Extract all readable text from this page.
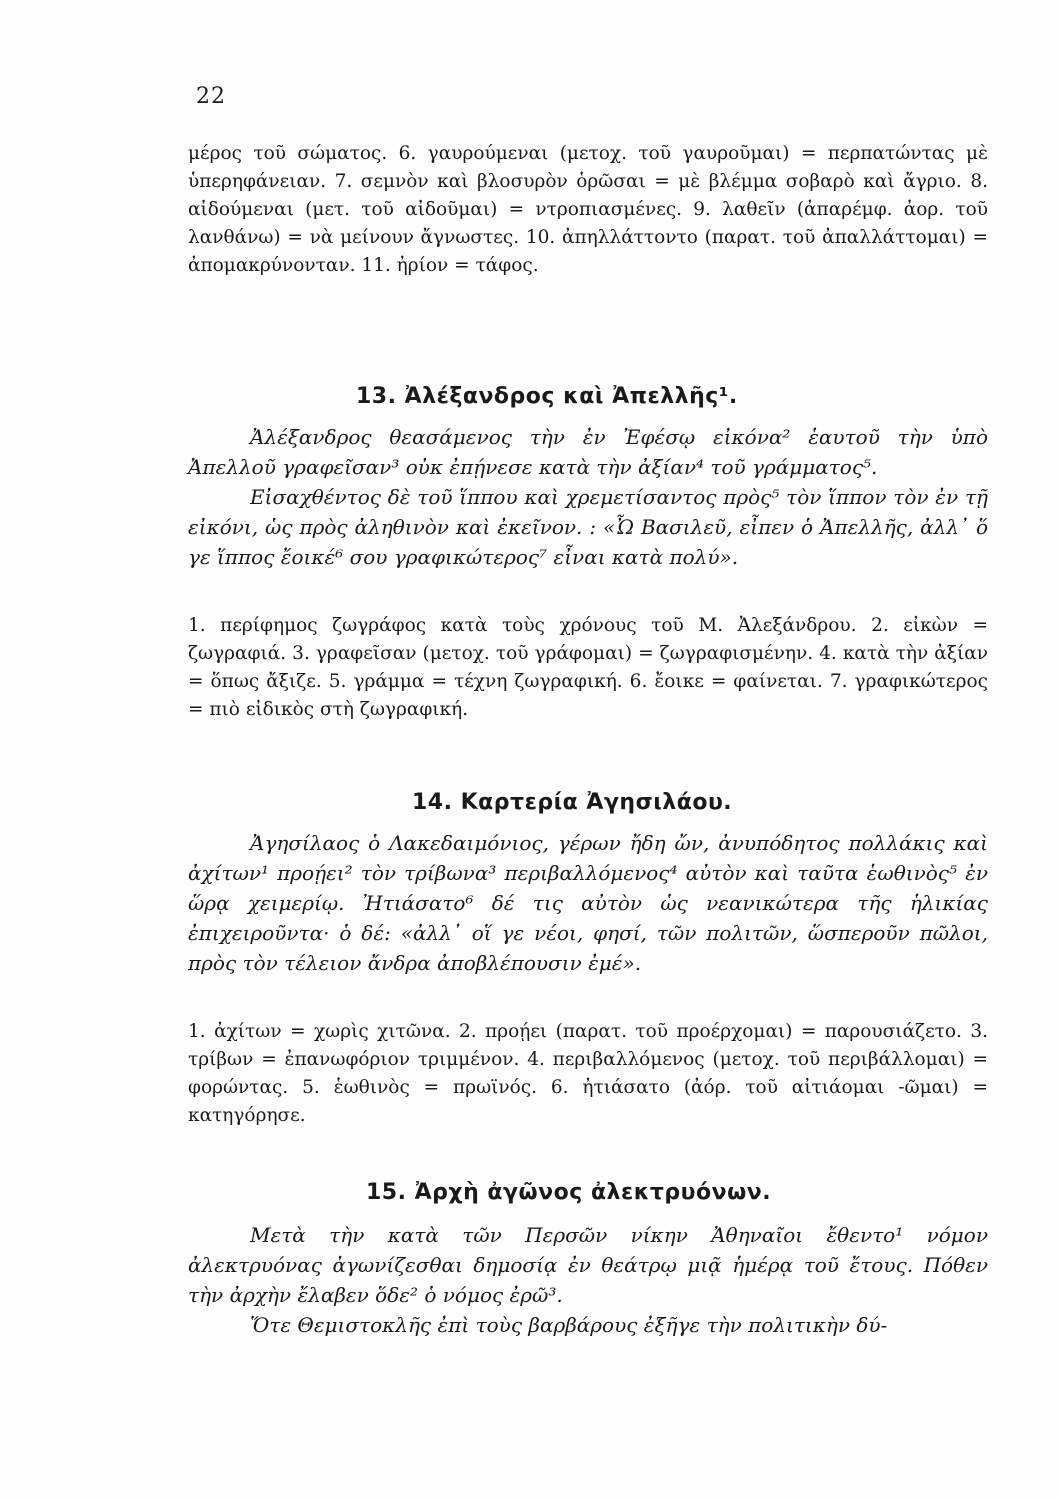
22

μέρος τοῦ σώματος. 6. γαυρούμεναι (μετοχ. τοῦ γαυροῦμαι) = περπατώντας μὲ ὑπερηφάνειαν. 7. σεμνὸν καὶ βλοσυρὸν ὁρῶσαι = μὲ βλέμμα σοβαρὸ καὶ ἄγριο. 8. αἰδούμεναι (μετ. τοῦ αἰδοῦμαι) = ντροπιασμένες. 9. λαθεῖν (ἀπαρέμφ. ἀορ. τοῦ λανθάνω) = νὰ μείνουν ἄγνωστες. 10. ἀπηλλάττοντο (παρατ. τοῦ ἀπαλλάττομαι) = ἀπομακρύνονταν. 11. ἠρίον = τάφος.

13. Ἀλέξανδρος καὶ Ἀπελλῆς¹.

Ἀλέξανδρος θεασάμενος τὴν ἐν Ἐφέσῳ εἰκόνα² ἑαυτοῦ τὴν ὑπὸ Ἀπελλοῦ γραφεῖσαν³ οὐκ ἐπῄνεσε κατὰ τὴν ἀξίαν⁴ τοῦ γράμματος⁵.

Εἰσαχθέντος δὲ τοῦ ἵππου καὶ χρεμετίσαντος πρὸς⁵ τὸν ἵππον τὸν ἐν τῇ εἰκόνι, ὡς πρὸς ἀληθινὸν καὶ ἐκεῖνον. : «Ὦ Βασιλεῦ, εἶπεν ὁ Ἀπελλῆς, ἀλλ᾽ ὅ γε ἵππος ἔοικέ⁶ σου γραφικώτερος⁷ εἶναι κατὰ πολύ».

1. περίφημος ζωγράφος κατὰ τοὺς χρόνους τοῦ Μ. Ἀλεξάνδρου. 2. εἰκὼν = ζωγραφιά. 3. γραφεῖσαν (μετοχ. τοῦ γράφομαι) = ζωγραφισμένην. 4. κατὰ τὴν ἀξίαν = ὅπως ἄξιζε. 5. γράμμα = τέχνη ζωγραφική. 6. ἔοικε = φαίνεται. 7. γραφικώτερος = πιὸ εἰδικὸς στὴ ζωγραφική.

14. Καρτερία Ἀγησιλάου.

Ἀγησίλαος ὁ Λακεδαιμόνιος, γέρων ἤδη ὤν, ἀνυπόδητος πολλάκις καὶ ἀχίτων¹ προῄει² τὸν τρίβωνα³ περιβαλλόμενος⁴ αὐτὸν καὶ ταῦτα ἑωθινὸς⁵ ἐν ὥρᾳ χειμερίῳ. Ἠτιάσατο⁶ δέ τις αὐτὸν ὡς νεανικώτερα τῆς ἡλικίας ἐπιχειροῦντα· ὁ δέ: «ἀλλ᾽ οἵ γε νέοι, φησί, τῶν πολιτῶν, ὥσπεροῦν πῶλοι, πρὸς τὸν τέλειον ἄνδρα ἀποβλέπουσιν ἐμέ».

1. ἀχίτων = χωρὶς χιτῶνα. 2. προῄει (παρατ. τοῦ προέρχομαι) = παρουσιάζετο. 3. τρίβων = ἐπανωφόριον τριμμένον. 4. περιβαλλόμενος (μετοχ. τοῦ περιβάλλομαι) = φορώντας. 5. ἑωθινὸς = πρωϊνός. 6. ἠτιάσατο (ἀόρ. τοῦ αἰτιάομαι -ῶμαι) = κατηγόρησε.

15. Ἀρχὴ ἀγῶνος ἀλεκτρυόνων.

Μετὰ τὴν κατὰ τῶν Περσῶν νίκην Ἀθηναῖοι ἔθεντο¹ νόμον ἀλεκτρυόνας ἀγωνίζεσθαι δημοσίᾳ ἐν θεάτρῳ μιᾷ ἡμέρᾳ τοῦ ἔτους. Πόθεν τὴν ἀρχὴν ἔλαβεν ὅδε² ὁ νόμος ἐρῶ³.

Ὅτε Θεμιστοκλῆς ἐπὶ τοὺς βαρβάρους ἐξῆγε τὴν πολιτικὴν δύ-
